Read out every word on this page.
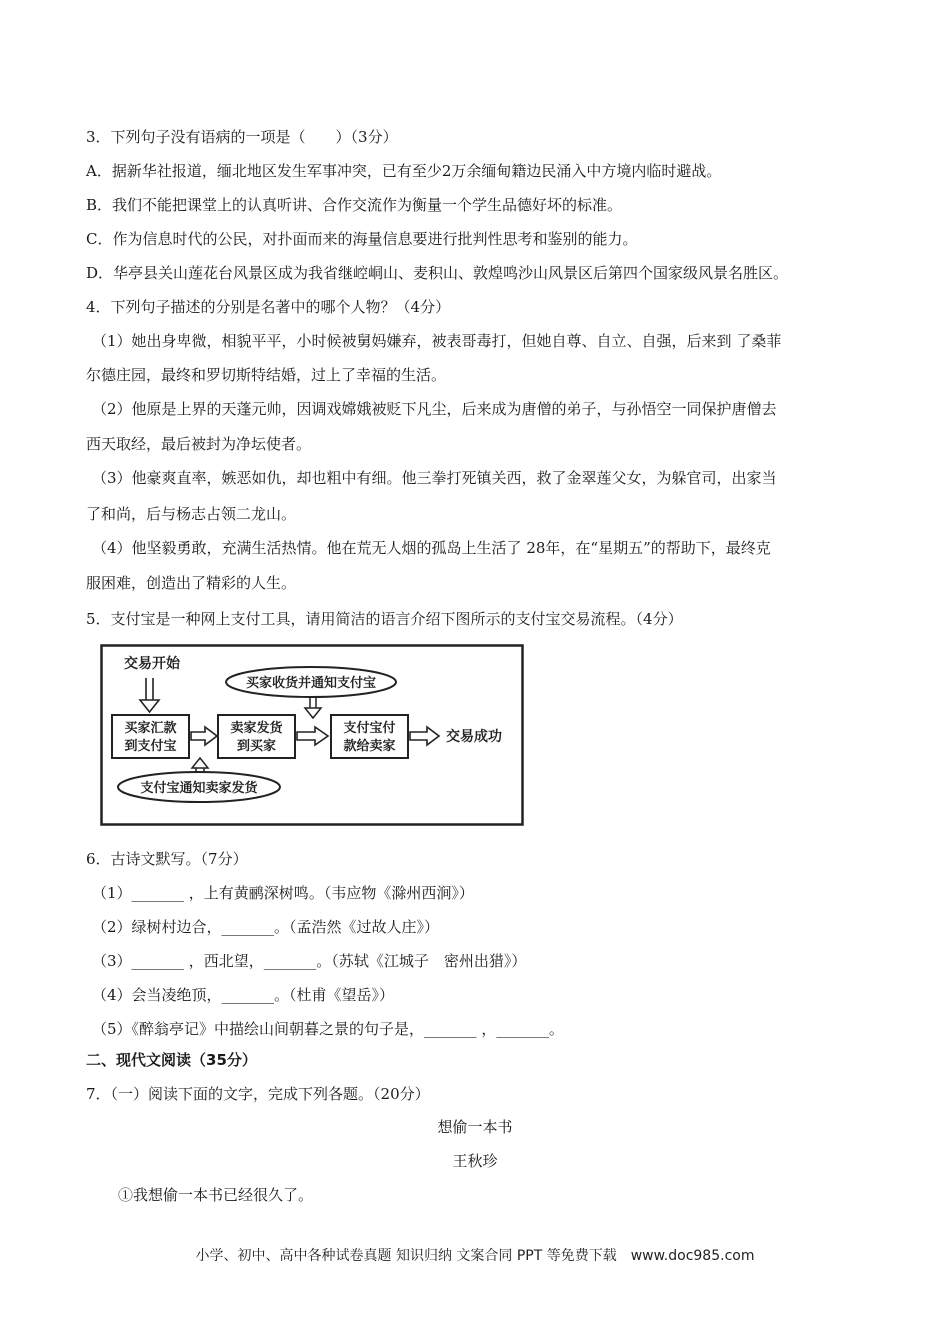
3．下列句子没有语病的一项是（　　）（3分）
A．据新华社报道，缅北地区发生军事冲突，已有至少2万余缅甸籍边民涌入中方境内临时避战。
B．我们不能把课堂上的认真听讲、合作交流作为衡量一个学生品德好坏的标准。
C．作为信息时代的公民，对扑面而来的海量信息要进行批判性思考和鉴别的能力。
D．华亭县关山莲花台风景区成为我省继崆峒山、麦积山、敦煌鸣沙山风景区后第四个国家级风景名胜区。
4．下列句子描述的分别是名著中的哪个人物？（4分）
（1）她出身卑微，相貌平平，小时候被舅妈嫌弃，被表哥毒打，但她自尊、自立、自强，后来到 了桑菲
尔德庄园，最终和罗切斯特结婚，过上了幸福的生活。
（2）他原是上界的天蓬元帅，因调戏嫦娥被贬下凡尘，后来成为唐僧的弟子，与孙悟空一同保护唐僧去
西天取经，最后被封为净坛使者。
（3）他豪爽直率，嫉恶如仇，却也粗中有细。他三拳打死镇关西，救了金翠莲父女，为躲官司，出家当
了和尚，后与杨志占领二龙山。
（4）他坚毅勇敢，充满生活热情。他在荒无人烟的孤岛上生活了 28年，在“星期五”的帮助下，最终克
服困难，创造出了精彩的人生。
5．支付宝是一种网上支付工具，请用简洁的语言介绍下图所示的支付宝交易流程。（4分）
交易开始
买家汇款
到支付宝
卖家发货
到买家
支付宝付
款给卖家
交易成功
买家收货并通知支付宝
支付宝通知卖家发货
6．古诗文默写。（7分）
（1）_______ ，上有黄鹂深树鸣。（韦应物《滁州西涧》）
（2）绿树村边合，_______。（孟浩然《过故人庄》）
（3）_______ ，西北望，_______。（苏轼《江城子　密州出猎》）
（4）会当凌绝顶，_______。（杜甫《望岳》）
（5）《醉翁亭记》中描绘山间朝暮之景的句子是，_______ ，_______。
二、现代文阅读（35分）
7．（一）阅读下面的文字，完成下列各题。（20分）
想偷一本书
王秋珍
①我想偷一本书已经很久了。
小学、初中、高中各种试卷真题 知识归纳 文案合同 PPT 等免费下载　www.doc985.com
